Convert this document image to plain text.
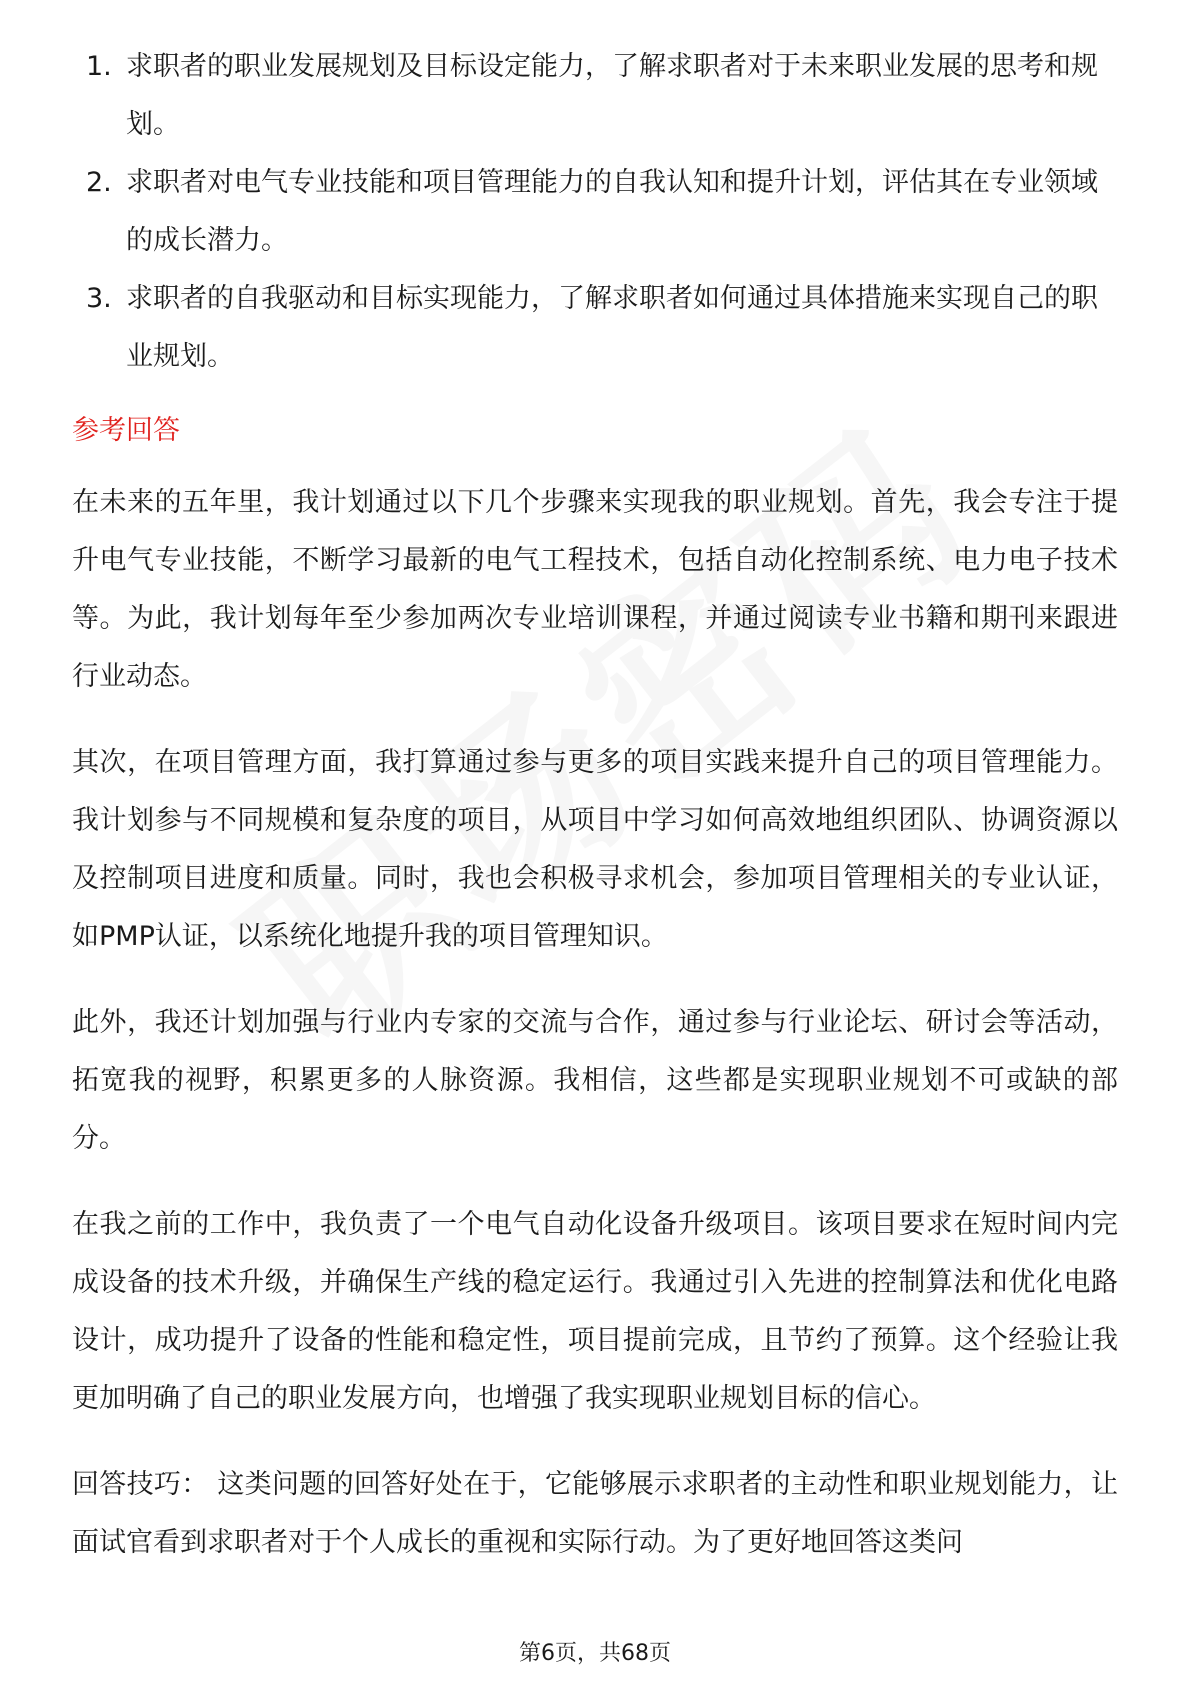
1. 求职者的职业发展规划及目标设定能力，了解求职者对于未来职业发展的思考和规划。
2. 求职者对电气专业技能和项目管理能力的自我认知和提升计划，评估其在专业领域的成长潜力。
3. 求职者的自我驱动和目标实现能力，了解求职者如何通过具体措施来实现自己的职业规划。
参考回答

在未来的五年里，我计划通过以下几个步骤来实现我的职业规划。首先，我会专注于提升电气专业技能，不断学习最新的电气工程技术，包括自动化控制系统、电力电子技术等。为此，我计划每年至少参加两次专业培训课程，并通过阅读专业书籍和期刊来跟进行业动态。

其次，在项目管理方面，我打算通过参与更多的项目实践来提升自己的项目管理能力。我计划参与不同规模和复杂度的项目，从项目中学习如何高效地组织团队、协调资源以及控制项目进度和质量。同时，我也会积极寻求机会，参加项目管理相关的专业认证，如PMP认证，以系统化地提升我的项目管理知识。

此外，我还计划加强与行业内专家的交流与合作，通过参与行业论坛、研讨会等活动，拓宽我的视野，积累更多的人脉资源。我相信，这些都是实现职业规划不可或缺的部分。

在我之前的工作中，我负责了一个电气自动化设备升级项目。该项目要求在短时间内完成设备的技术升级，并确保生产线的稳定运行。我通过引入先进的控制算法和优化电路设计，成功提升了设备的性能和稳定性，项目提前完成，且节约了预算。这个经验让我更加明确了自己的职业发展方向，也增强了我实现职业规划目标的信心。

回答技巧： 这类问题的回答好处在于，它能够展示求职者的主动性和职业规划能力，让面试官看到求职者对于个人成长的重视和实际行动。为了更好地回答这类问

第6页，共68页
